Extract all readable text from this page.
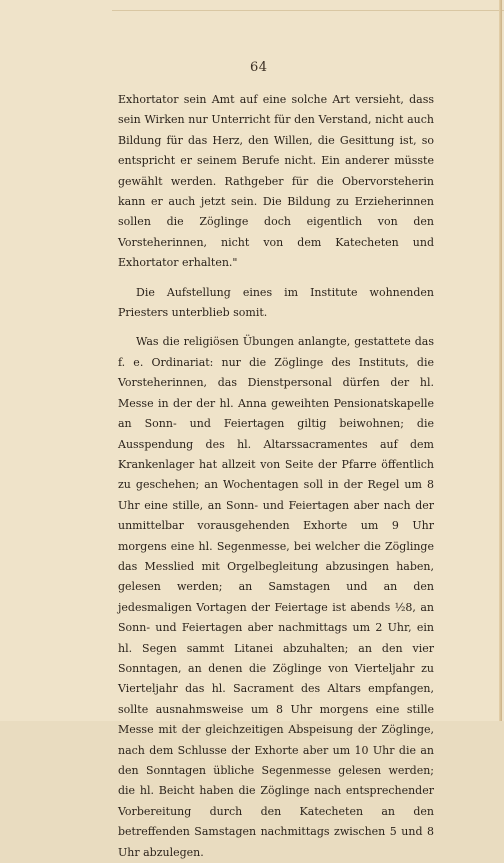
64

Exhortator sein Amt auf eine solche Art versieht, dass sein Wirken nur Unterricht für den Verstand, nicht auch Bildung für das Herz, den Willen, die Gesittung ist, so entspricht er seinem Berufe nicht. Ein anderer müsste gewählt werden. Rathgeber für die Obervorsteherin kann er auch jetzt sein. Die Bildung zu Erzieherinnen sollen die Zöglinge doch eigentlich von den Vorsteherinnen, nicht von dem Katecheten und Exhortator erhalten."

Die Aufstellung eines im Institute wohnenden Priesters unterblieb somit.

Was die religiösen Übungen anlangte, gestattete das f. e. Ordinariat: nur die Zöglinge des Instituts, die Vorsteherinnen, das Dienstpersonal dürfen der hl. Messe in der der hl. Anna geweihten Pensionatskapelle an Sonn- und Feiertagen giltig beiwohnen; die Ausspendung des hl. Altarssacramentes auf dem Krankenlager hat allzeit von Seite der Pfarre öffentlich zu geschehen; an Wochentagen soll in der Regel um 8 Uhr eine stille, an Sonn- und Feiertagen aber nach der unmittelbar vorausgehenden Exhorte um 9 Uhr morgens eine hl. Segenmesse, bei welcher die Zöglinge das Messlied mit Orgelbegleitung abzusingen haben, gelesen werden; an Samstagen und an den jedesmaligen Vortagen der Feiertage ist abends ½8, an Sonn- und Feiertagen aber nachmittags um 2 Uhr, ein hl. Segen sammt Litanei abzuhalten; an den vier Sonntagen, an denen die Zöglinge von Vierteljahr zu Vierteljahr das hl. Sacrament des Altars empfangen, sollte ausnahmsweise um 8 Uhr morgens eine stille Messe mit der gleichzeitigen Abspeisung der Zöglinge, nach dem Schlusse der Exhorte aber um 10 Uhr die an den Sonntagen übliche Segenmesse gelesen werden; die hl. Beicht haben die Zöglinge nach entsprechender Vorbereitung durch den Katecheten an den betreffenden Samstagen nachmittags zwischen 5 und 8 Uhr abzulegen.
